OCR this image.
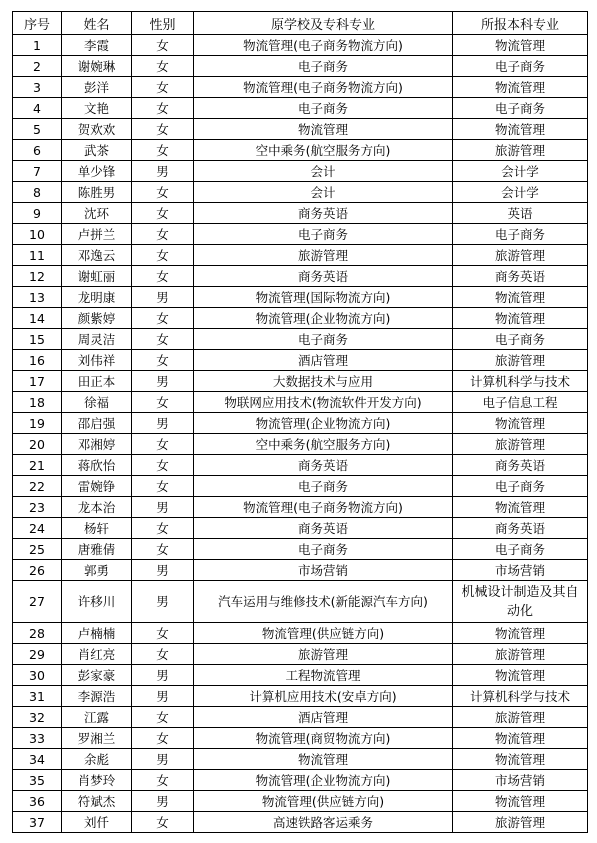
序号	姓名	性别	原学校及专科专业	所报本科专业
1	李霞	女	物流管理(电子商务物流方向)	物流管理
2	谢婉琳	女	电子商务	电子商务
3	彭洋	女	物流管理(电子商务物流方向)	物流管理
4	文艳	女	电子商务	电子商务
5	贺欢欢	女	物流管理	物流管理
6	武茶	女	空中乘务(航空服务方向)	旅游管理
7	单少锋	男	会计	会计学
8	陈胜男	女	会计	会计学
9	沈环	女	商务英语	英语
10	卢拼兰	女	电子商务	电子商务
11	邓逸云	女	旅游管理	旅游管理
12	谢虹丽	女	商务英语	商务英语
13	龙明康	男	物流管理(国际物流方向)	物流管理
14	颜紫婷	女	物流管理(企业物流方向)	物流管理
15	周灵洁	女	电子商务	电子商务
16	刘伟祥	女	酒店管理	旅游管理
17	田正本	男	大数据技术与应用	计算机科学与技术
18	徐福	女	物联网应用技术(物流软件开发方向)	电子信息工程
19	邵启强	男	物流管理(企业物流方向)	物流管理
20	邓湘婷	女	空中乘务(航空服务方向)	旅游管理
21	蒋欣怡	女	商务英语	商务英语
22	雷婉铮	女	电子商务	电子商务
23	龙本治	男	物流管理(电子商务物流方向)	物流管理
24	杨轩	女	商务英语	商务英语
25	唐雅倩	女	电子商务	电子商务
26	郭勇	男	市场营销	市场营销
27	许移川	男	汽车运用与维修技术(新能源汽车方向)	机械设计制造及其自动化
28	卢楠楠	女	物流管理(供应链方向)	物流管理
29	肖红亮	女	旅游管理	旅游管理
30	彭家豪	男	工程物流管理	物流管理
31	李源浩	男	计算机应用技术(安卓方向)	计算机科学与技术
32	江露	女	酒店管理	旅游管理
33	罗湘兰	女	物流管理(商贸物流方向)	物流管理
34	余彪	男	物流管理	物流管理
35	肖梦玲	女	物流管理(企业物流方向)	市场营销
36	符斌杰	男	物流管理(供应链方向)	物流管理
37	刘仟	女	高速铁路客运乘务	旅游管理
